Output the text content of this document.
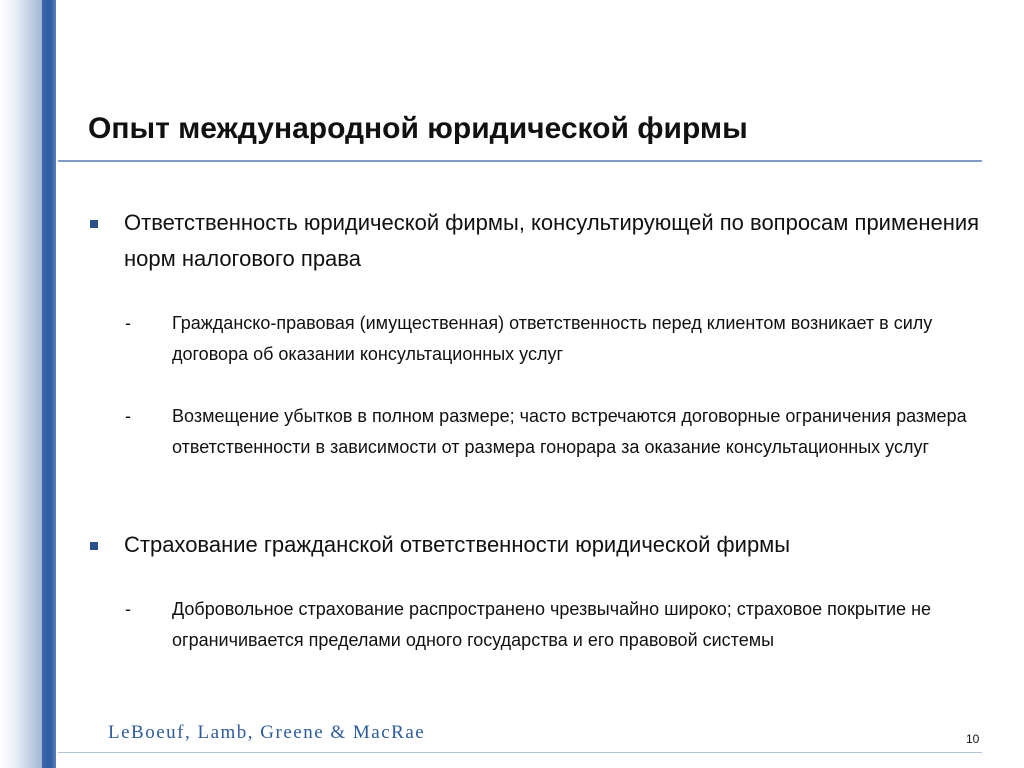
Опыт международной юридической фирмы
Ответственность юридической фирмы, консультирующей по вопросам применения норм налогового права
- Гражданско-правовая (имущественная) ответственность перед клиентом возникает в силу договора об оказании консультационных услуг
- Возмещение убытков в полном размере; часто встречаются договорные ограничения размера ответственности в зависимости от размера гонорара за оказание консультационных услуг
Страхование гражданской ответственности юридической фирмы
- Добровольное страхование распространено чрезвычайно широко; страховое покрытие не ограничивается пределами одного государства и его правовой системы
LeBoeuf, Lamb, Greene & MacRae	10
